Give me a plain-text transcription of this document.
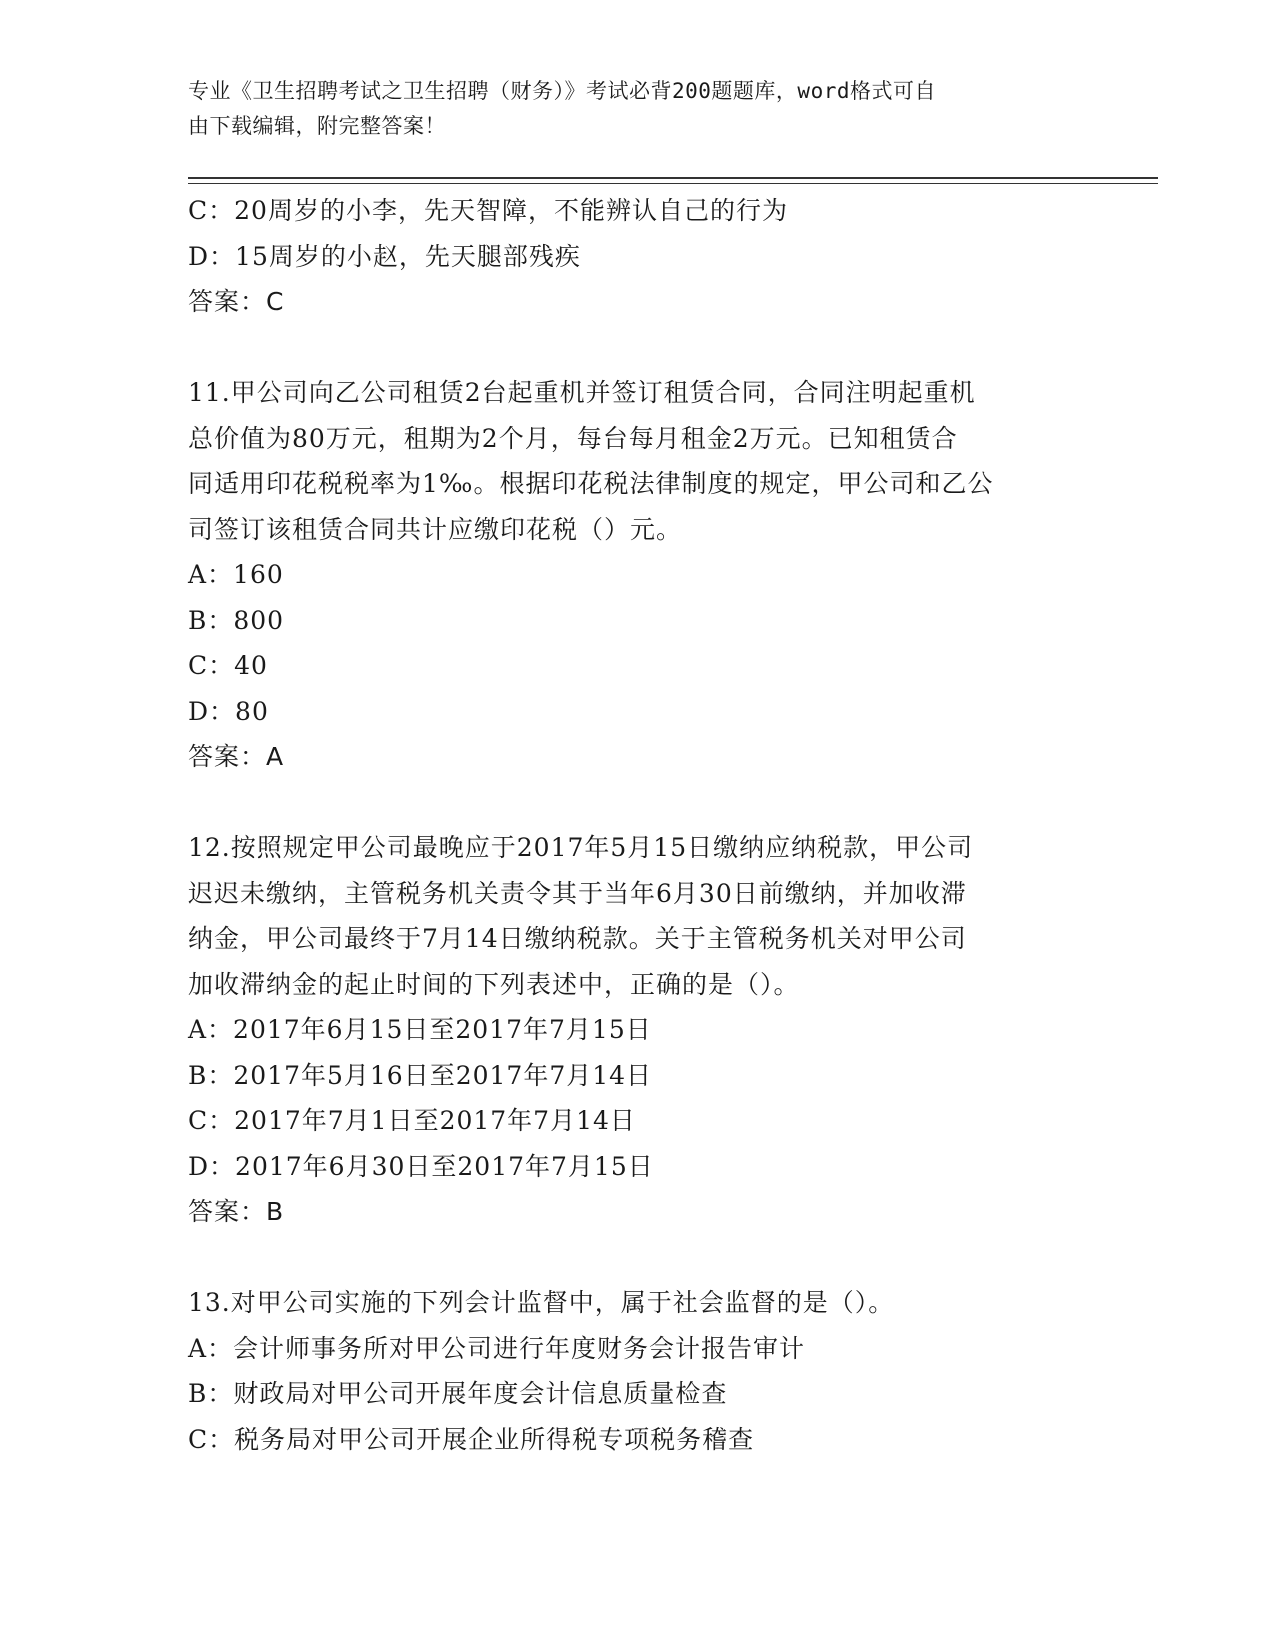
专业《卫生招聘考试之卫生招聘（财务）》考试必背200题题库，word格式可自
由下载编辑，附完整答案！
C：20周岁的小李，先天智障，不能辨认自己的行为
D：15周岁的小赵，先天腿部残疾
答案：C
11.甲公司向乙公司租赁2台起重机并签订租赁合同，合同注明起重机
总价值为80万元，租期为2个月，每台每月租金2万元。已知租赁合
同适用印花税税率为1‰。根据印花税法律制度的规定，甲公司和乙公
司签订该租赁合同共计应缴印花税（）元。
A：160
B：800
C：40
D：80
答案：A
12.按照规定甲公司最晚应于2017年5月15日缴纳应纳税款，甲公司
迟迟未缴纳，主管税务机关责令其于当年6月30日前缴纳，并加收滞
纳金，甲公司最终于7月14日缴纳税款。关于主管税务机关对甲公司
加收滞纳金的起止时间的下列表述中，正确的是（）。
A：2017年6月15日至2017年7月15日
B：2017年5月16日至2017年7月14日
C：2017年7月1日至2017年7月14日
D：2017年6月30日至2017年7月15日
答案：B
13.对甲公司实施的下列会计监督中，属于社会监督的是（）。
A：会计师事务所对甲公司进行年度财务会计报告审计
B：财政局对甲公司开展年度会计信息质量检查
C：税务局对甲公司开展企业所得税专项税务稽查
